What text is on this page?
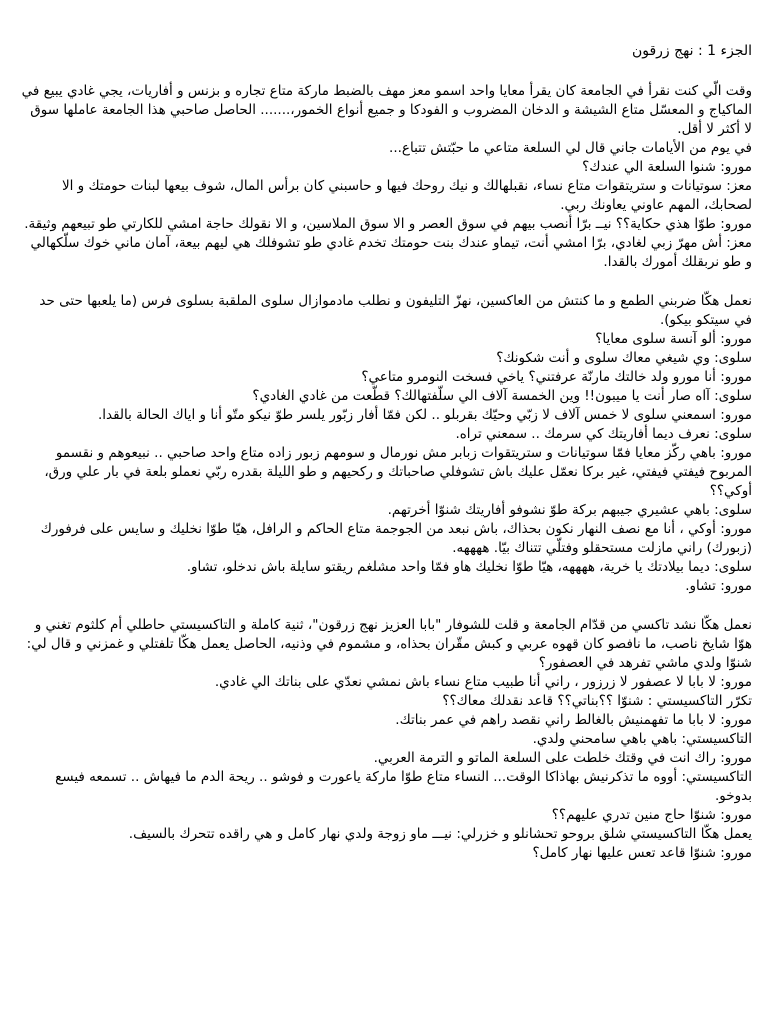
الجزء 1 : نهج زرقون

وقت الّي كنت نقرأ في الجامعة كان يقرأ معايا واحد اسمو معز مهف بالضبط ماركة متاع تجاره و بزنس و أفاريات، يجي غادي يبيع في الماكياج و المعسّل متاع الشيشة و الدخان المضروب و الفودكا و جميع أنواع الخمور،....... الحاصل صاحبي هذا الجامعة عاملها سوق لا أكثر لا أقل.

في يوم من الأيامات جاني قال لي السلعة متاعي ما حبّتش تتباع...

مورو: شنوا السلعة الي عندك؟

معز: سوتيانات و ستريتقوات متاع نساء، نقبلهالك و نيك روحك فيها و حاسبني كان برأس المال، شوف بيعها لبنات حومتك و الا لصحابك، المهم عاوني يعاونك ربي.

مورو: طوّا هذي حكاية؟؟ نيــ برّا أنصب بيهم في سوق العصر و الا سوق الملاسين، و الا نقولك حاجة امشي للكارتي طو تبيعهم وثيقة.

معز: أش مهرّ زبي لغادي، برّا امشي أنت، تيماو عندك بنت حومتك تخدم غادي طو تشوفلك هي ليهم بيعة، آمان ماني خوك سلّكهالي و طو نربقلك أمورك بالقدا.

نعمل هكّا ضربني الطمع و ما كنتش من العاكسين، نهزّ التليفون و نطلب مادموازال سلوى الملقبة بسلوى فرس (ما يلعبها حتى حد في سيتكو بيكو).

مورو: ألو آنسة سلوى معايا؟

سلوى: وي شيغي معاك سلوى و أنت شكونك؟

مورو: أنا مورو ولد خالتك مارنّة عرفتني؟ ياخي فسخت النومرو متاعي؟

سلوى: آاه صار أنت يا ميبون!! وين الخمسة آلاف الي سلّفتهالك؟ قطّعت من غادي الغادي؟

مورو: اسمعني سلوى لا خمس آلاف لا زبّي وحيّك بقربلو .. لكن فمّا أفار زبّور يلسر طوّ نيكو متّو أنا و اياك الحالة بالقدا.

سلوى: نعرف ديما أفاريتك كي سرمك .. سمعني تراه.

مورو: باهي ركّز معايا فمّا سوتيانات و ستريتقوات زبابر مش نورمال و سومهم زبور زاده متاع واحد صاحبي .. نبيعوهم و نقسمو المربوح فيفتي فيفتي، غير بركا نعمّل عليك باش تشوفلي صاحباتك و ركحيهم و طو الليلة بقدره ربّي نعملو بلعة في بار علي ورق، أوكي؟؟

سلوى: باهي عشيري جيبهم بركة طوّ نشوفو أفاريتك شنوّا أخرتهم.

مورو: أوكي ، أنا مع نصف النهار نكون بحذاك، باش نبعد من الجوجمة متاع الحاكم و الرافل، هيّا طوّا نخليك و سايس على فرفورك (زبورك) راني مازلت مستحقلو وفتلّي تتناك بيّا. ههههه.

سلوى: ديما بيلادتك يا خرية، ههههه، هيّا طوّا نخليك هاو فمّا واحد مشلغم ريقتو سايلة باش ندخلو، تشاو.

مورو: تشاو.

نعمل هكّا نشد تاكسي من قدّام الجامعة و قلت للشوفار "بابا العزيز نهج زرقون"، ثنية كاملة و التاكسيستي حاطلي أم كلثوم تغني و هوّا شايخ ناصب، ما نافصو كان قهوه عربي و كبش مقّران بحذاه، و مشموم في وذنيه، الحاصل يعمل هكّا تلفتلي و غمزني و قال لي: شنوّا ولدي ماشي تفرهد في العصفور؟

مورو: لا بابا لا عصفور لا زرزور ، راني أنا طبيب متاع نساء باش نمشي نعدّي على بناتك الي غادي.

تكرّر التاكسيستي : شنوّا ؟؟بناتي؟؟ قاعد نقدلك معاك؟؟

مورو: لا بابا ما تفهمنيش بالغالط راني نقصد راهم في عمر بناتك.

التاكسيستي: باهي باهي سامحني ولدي.

مورو: راك انت في وقتك خلطت على السلعة الماتو و الترمة العربي.

التاكسيستي: أووه ما تذكرنيش بهاذاكا الوقت... النساء متاع طوّا ماركة ياعورت و فوشو .. ريحة الدم ما فيهاش .. تسمعه فيسع بدوخو.

مورو: شنوّا حاج منين تدري عليهم؟؟

يعمل هكّا التاكسيستي شلق بروحو تحشانلو و خزرلي: نيـــ ماو زوجة ولدي نهار كامل و هي راقده تتحرك بالسيف.

مورو: شنوّا قاعد تعس عليها نهار كامل؟
